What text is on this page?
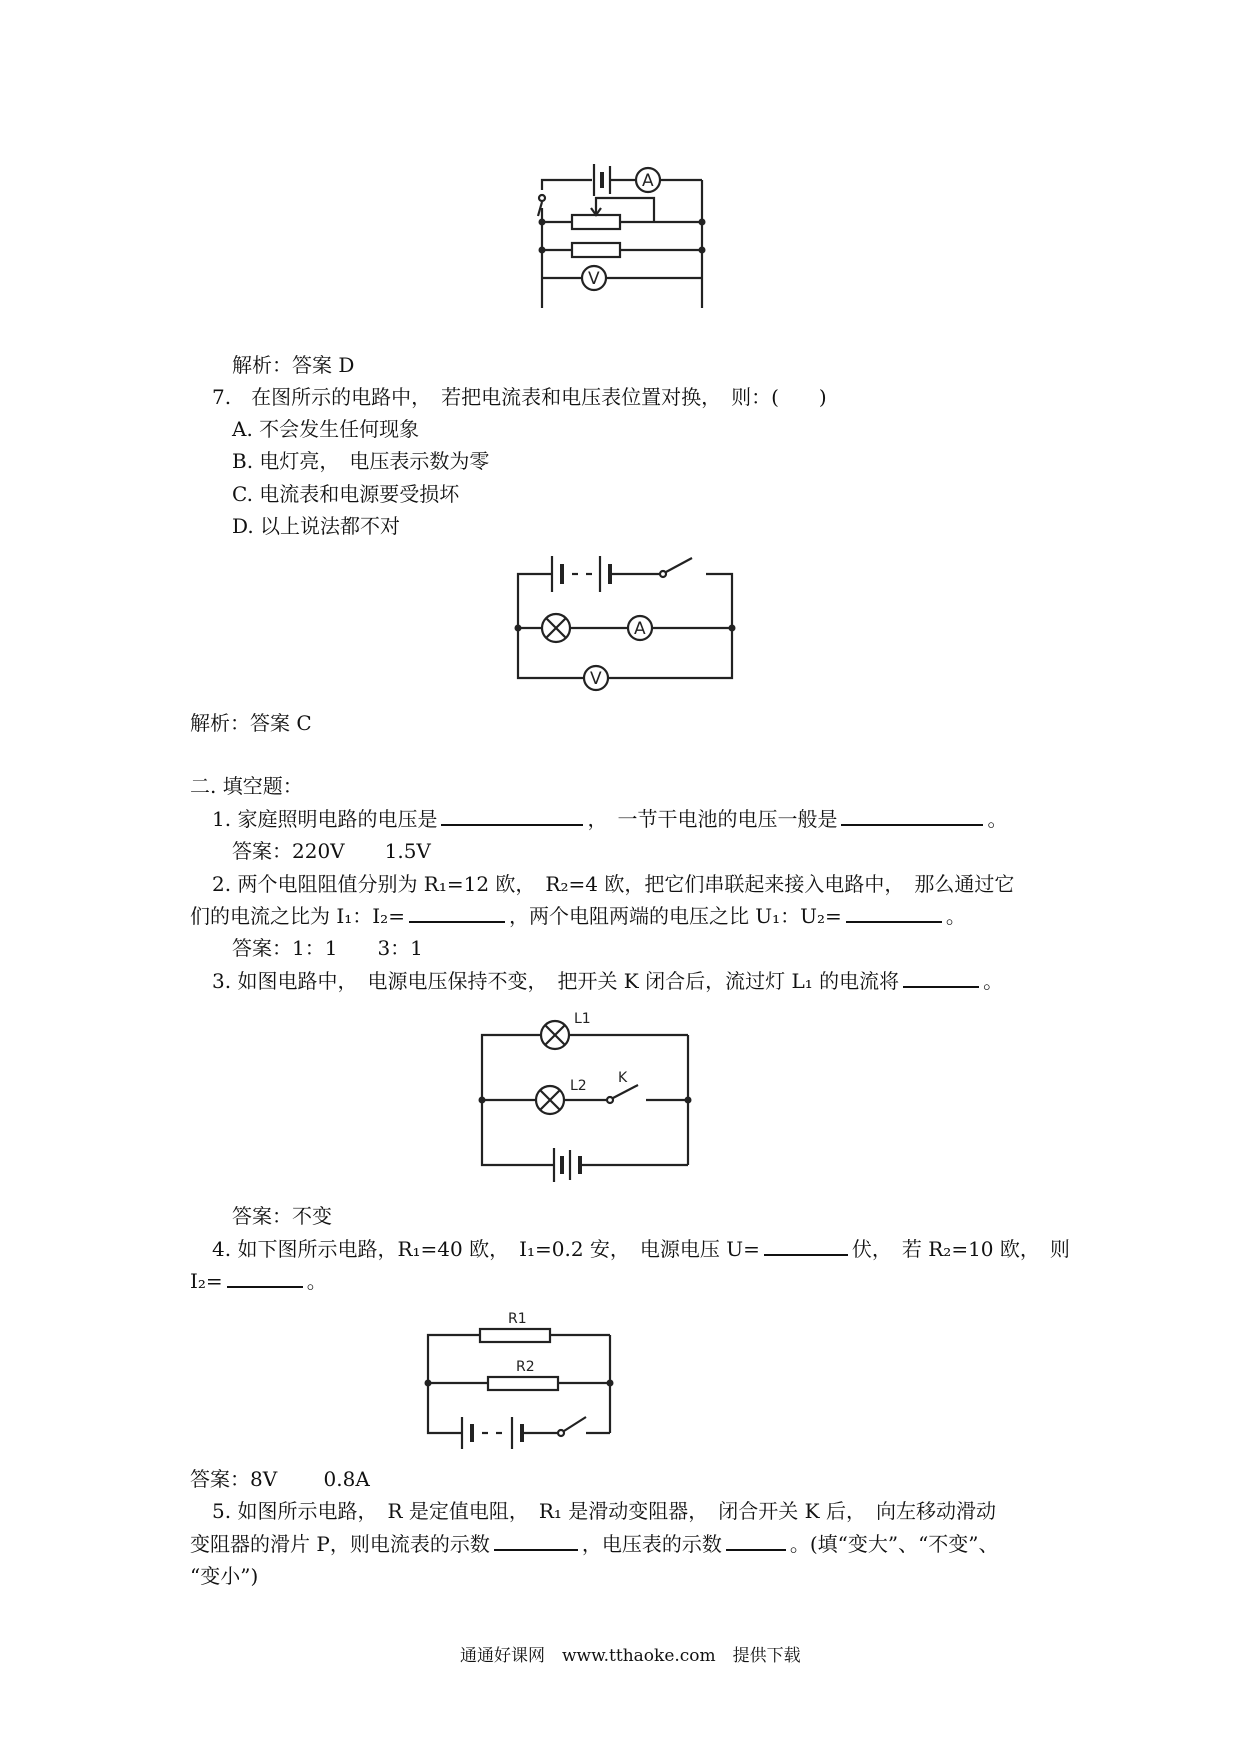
A
V
解析：答案 D
7.　在图所示的电路中，　若把电流表和电压表位置对换，　则：(　　)
A. 不会发生任何现象
B. 电灯亮，　电压表示数为零
C. 电流表和电源要受损坏
D. 以上说法都不对
A
V
解析：答案 C
二. 填空题：
1. 家庭照明电路的电压是	，　一节干电池的电压一般是	。
答案：220V　　1.5V
2. 两个电阻阻值分别为 R₁=12 欧，　R₂=4 欧，把它们串联起来接入电路中，　那么通过它
们的电流之比为 I₁：I₂=	，两个电阻两端的电压之比 U₁：U₂=	。
答案：1：1　　3：1
3. 如图电路中，　电源电压保持不变，　把开关 K 闭合后，流过灯 L₁ 的电流将	。
L1
L2 K
答案：不变
4. 如下图所示电路，R₁=40 欧，　I₁=0.2 安，　电源电压 U=	伏，　若 R₂=10 欧，　则
I₂=	。
R1
R2
答案：8V　　 0.8A
5. 如图所示电路，　R 是定值电阻，　R₁ 是滑动变阻器，　闭合开关 K 后，　向左移动滑动
变阻器的滑片 P，则电流表的示数	，电压表的示数	。(填“变大”、“不变”、
“变小”)
通通好课网　www.tthaoke.com　提供下载
